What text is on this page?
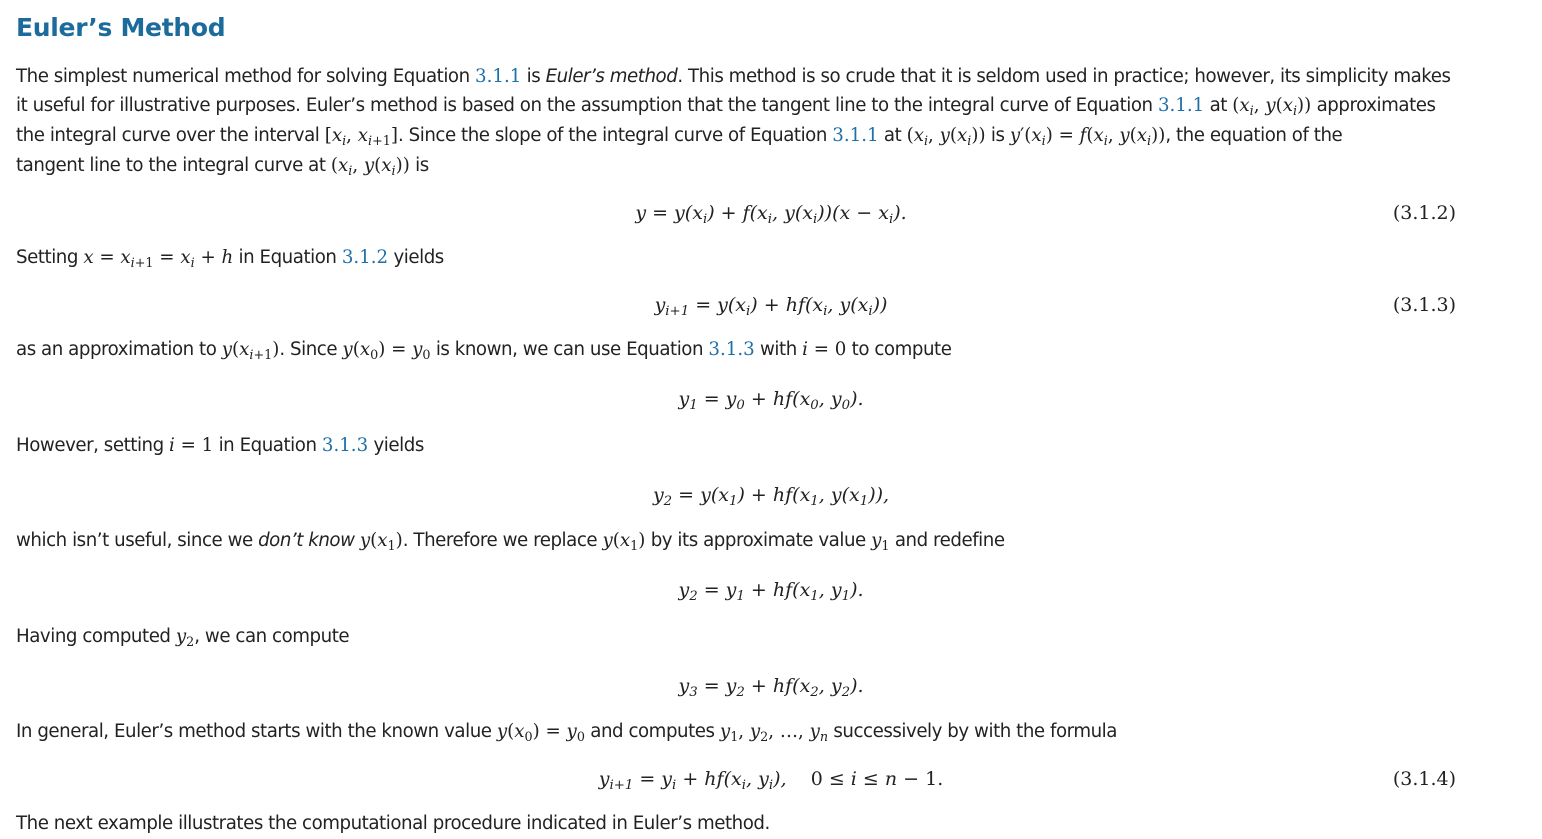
Euler’s Method

The simplest numerical method for solving Equation 3.1.1 is Euler’s method. This method is so crude that it is seldom used in practice; however, its simplicity makes

it useful for illustrative purposes. Euler’s method is based on the assumption that the tangent line to the integral curve of Equation 3.1.1 at ($x_i$, $y(x_i)$) approximates

the integral curve over the interval [$x_i$, $x_{i+1}$]. Since the slope of the integral curve of Equation 3.1.1 at ($x_i$, $y(x_i)$) is $y'(x_i) = f(x_i$, $y(x_i)$), the equation of the

tangent line to the integral curve at ($x_i$, $y(x_i)$) is

$y = y(x_i) + f(x_i$, $y(x_i))(x - x_i)$.	(3.1.2)

Setting $x = x_{i+1} = x_i + h$ in Equation 3.1.2 yields

$y_{i+1} = y(x_i) + hf(x_i$, $y(x_i)$)	(3.1.3)

as an approximation to $y(x_{i+1})$. Since $y(x_0) = y_0$ is known, we can use Equation 3.1.3 with i = 0 to compute

$y_1 = y_0 + hf(x_0$, $y_0$).

However, setting i = 1 in Equation 3.1.3 yields

$y_2 = y(x_1) + hf(x_1$, $y(x_1)$),

which isn’t useful, since we don’t know $y(x_1)$. Therefore we replace $y(x_1)$ by its approximate value $y_1$ and redefine

$y_2 = y_1 + hf(x_1$, $y_1$).

Having computed $y_2$, we can compute

$y_3 = y_2 + hf(x_2$, $y_2$).

In general, Euler’s method starts with the known value $y(x_0) = y_0$ and computes $y_1$, $y_2$, …, $y_n$ successively by with the formula

$y_{i+1} = y_i + hf(x_i$, $y_i$),    0 ≤ i ≤ n − 1.	(3.1.4)

The next example illustrates the computational procedure indicated in Euler’s method.
